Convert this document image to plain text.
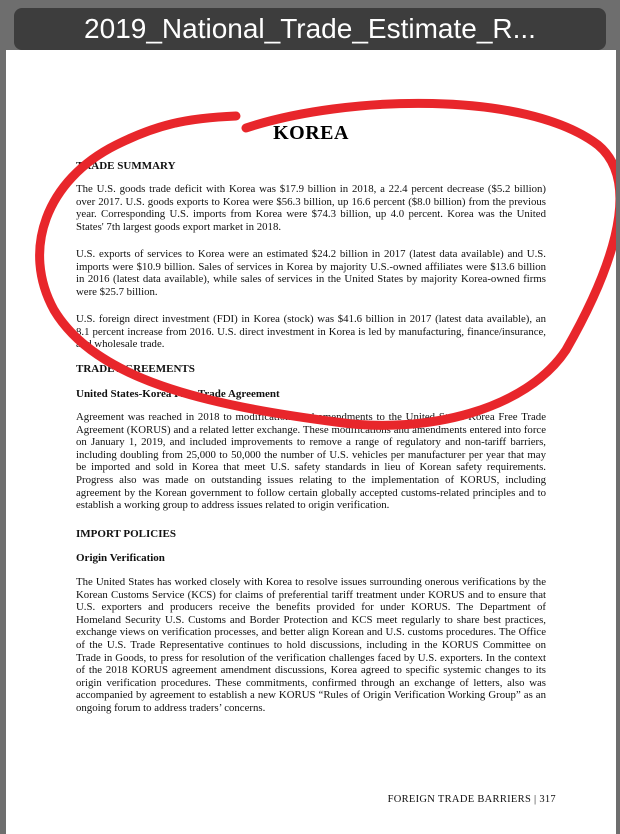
2019_National_Trade_Estimate_R...
KOREA
TRADE SUMMARY

The U.S. goods trade deficit with Korea was $17.9 billion in 2018, a 22.4 percent decrease ($5.2 billion) over 2017. U.S. goods exports to Korea were $56.3 billion, up 16.6 percent ($8.0 billion) from the previous year. Corresponding U.S. imports from Korea were $74.3 billion, up 4.0 percent. Korea was the United States' 7th largest goods export market in 2018.

U.S. exports of services to Korea were an estimated $24.2 billion in 2017 (latest data available) and U.S. imports were $10.9 billion. Sales of services in Korea by majority U.S.-owned affiliates were $13.6 billion in 2016 (latest data available), while sales of services in the United States by majority Korea-owned firms were $25.7 billion.

U.S. foreign direct investment (FDI) in Korea (stock) was $41.6 billion in 2017 (latest data available), an 8.1 percent increase from 2016. U.S. direct investment in Korea is led by manufacturing, finance/insurance, and wholesale trade.

TRADE AGREEMENTS
United States-Korea Free Trade Agreement

Agreement was reached in 2018 to modifications and amendments to the United States-Korea Free Trade Agreement (KORUS) and a related letter exchange. These modifications and amendments entered into force on January 1, 2019, and included improvements to remove a range of regulatory and non-tariff barriers, including doubling from 25,000 to 50,000 the number of U.S. vehicles per manufacturer per year that may be imported and sold in Korea that meet U.S. safety standards in lieu of Korean safety requirements. Progress also was made on outstanding issues relating to the implementation of KORUS, including agreement by the Korean government to follow certain globally accepted customs-related principles and to establish a working group to address issues related to origin verification.

IMPORT POLICIES
Origin Verification

The United States has worked closely with Korea to resolve issues surrounding onerous verifications by the Korean Customs Service (KCS) for claims of preferential tariff treatment under KORUS and to ensure that U.S. exporters and producers receive the benefits provided for under KORUS. The Department of Homeland Security U.S. Customs and Border Protection and KCS meet regularly to share best practices, exchange views on verification processes, and better align Korean and U.S. customs procedures. The Office of the U.S. Trade Representative continues to hold discussions, including in the KORUS Committee on Trade in Goods, to press for resolution of the verification challenges faced by U.S. exporters. In the context of the 2018 KORUS agreement amendment discussions, Korea agreed to specific systemic changes to its origin verification procedures. These commitments, confirmed through an exchange of letters, also was accompanied by agreement to establish a new KORUS “Rules of Origin Verification Working Group” as an ongoing forum to address traders’ concerns.

FOREIGN TRADE BARRIERS | 317
